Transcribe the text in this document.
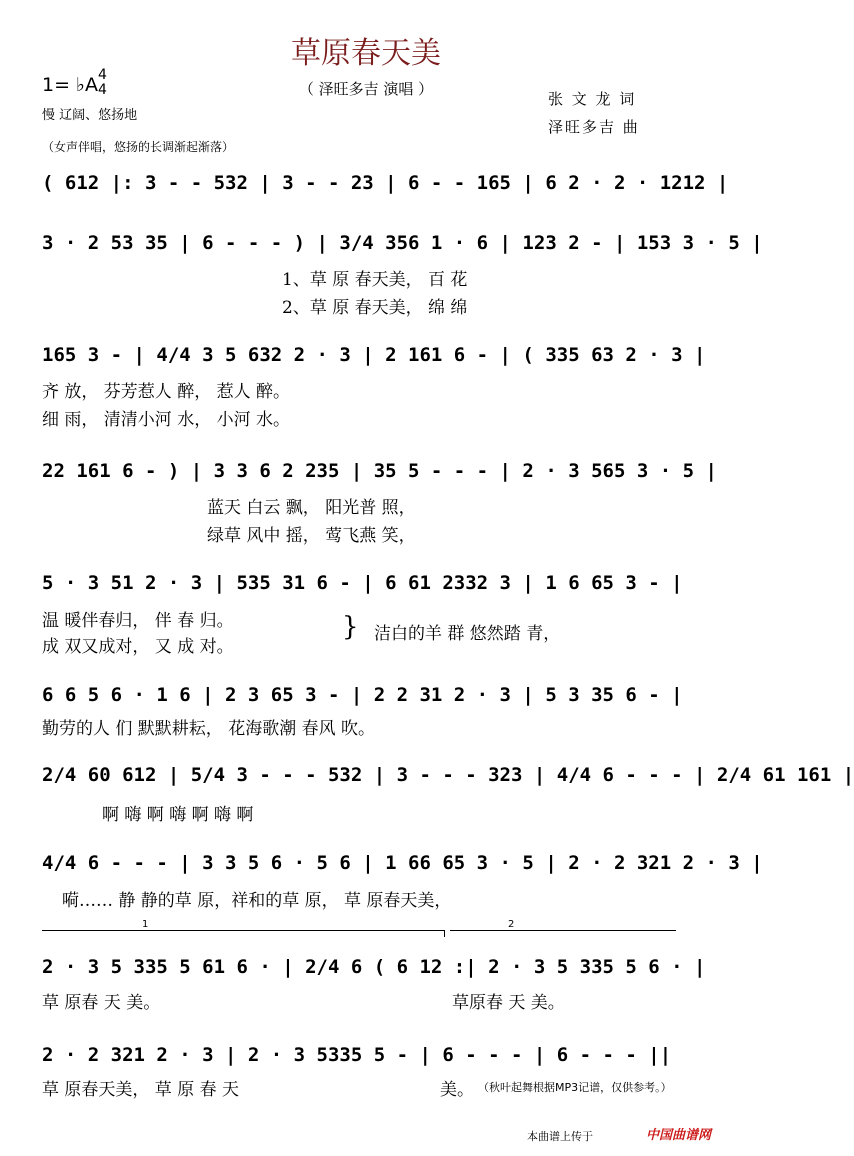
草原春天美
（ 泽旺多吉 演唱 ）
1= ♭A 4
4
慢 辽阔、悠扬地
张 文 龙 词
泽旺多吉 曲
（女声伴唱，悠扬的长调渐起渐落）
( 612 |: 3 - - 532 | 3 - - 23 | 6 - - 165 | 6 2 · 2 · 1212 |
3 · 2 53 35 | 6 - - - ) | 3/4 356 1 · 6 | 123 2 - | 153 3 · 5 |
1、草 原 春天美， 百 花
2、草 原 春天美， 绵 绵
165 3 - | 4/4 3 5 632 2 · 3 | 2 161 6 - | ( 335 63 2 · 3 |
齐 放， 芬芳惹人 醉， 惹人 醉。
细 雨， 清清小河 水， 小河 水。
22 161 6 - ) | 3 3 6 2 235 | 35 5 - - - | 2 · 3 565 3 · 5 |
蓝天 白云 飘， 阳光普 照，
绿草 风中 摇， 莺飞燕 笑，
5 · 3 51 2 · 3 | 535 31 6 - | 6 61 2332 3 | 1 6 65 3 - |
温 暖伴春归， 伴 春 归。
成 双又成对， 又 成 对。
} 洁白的羊 群 悠然踏 青，
6 6 5 6 · 1 6 | 2 3 65 3 - | 2 2 31 2 · 3 | 5 3 35 6 - |
勤劳的人 们 默默耕耘， 花海歌潮 春风 吹。
2/4 60 612 | 5/4 3 - - - 532 | 3 - - - 323 | 4/4 6 - - - | 2/4 61 161 |
啊 嗨 啊 嗨 啊 嗨 啊
4/4 6 - - - | 3 3 5 6 · 5 6 | 1 66 65 3 · 5 | 2 · 2 321 2 · 3 |
嗬…… 静 静的草 原，祥和的草 原， 草 原春天美，
1	2
2 · 3 5 335 5 61 6 · | 2/4 6 ( 6 12 :| 2 · 3 5 335 5 6 · |
草 原春 天 美。	草原春 天 美。
2 · 2 321 2 · 3 | 2 · 3 5335 5 - | 6 - - - | 6 - - - ||
草 原春天美， 草 原 春 天	美。 （秋叶起舞根据MP3记谱，仅供参考。）
本曲谱上传于	中国曲谱网
